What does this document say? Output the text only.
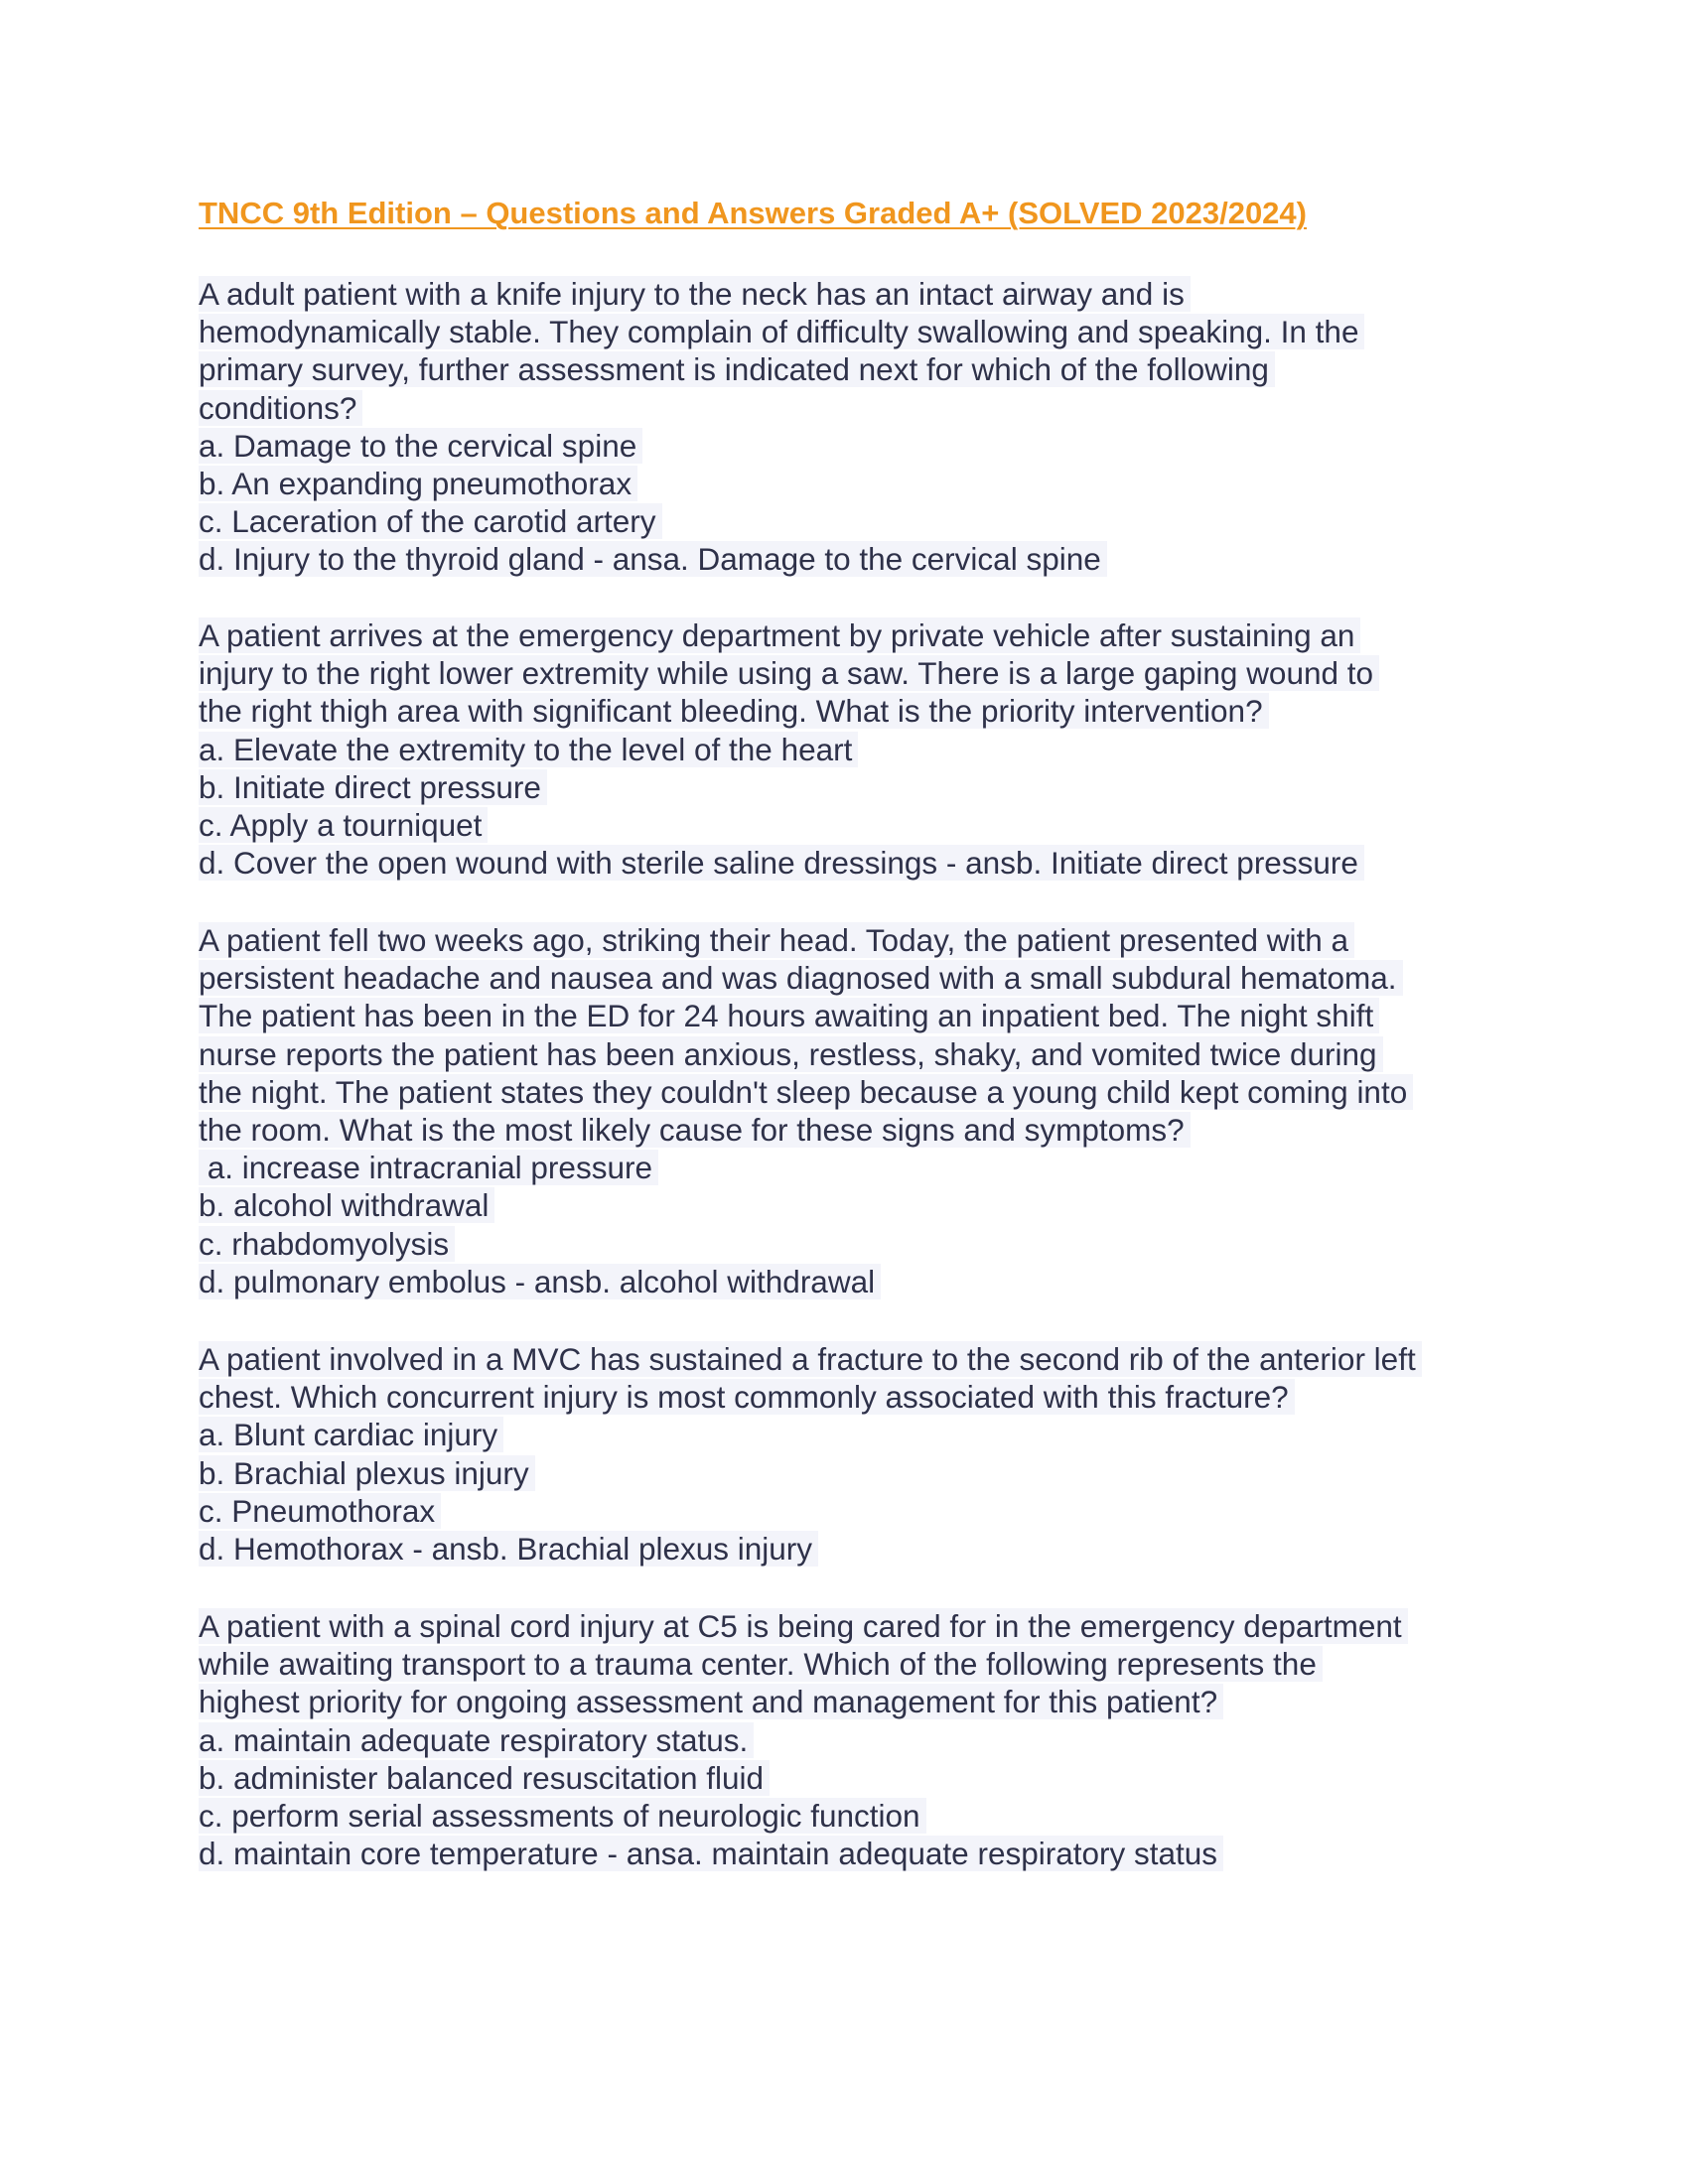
TNCC 9th Edition – Questions and Answers Graded A+ (SOLVED 2023/2024)
A adult patient with a knife injury to the neck has an intact airway and is
hemodynamically stable. They complain of difficulty swallowing and speaking. In the
primary survey, further assessment is indicated next for which of the following
conditions?
a. Damage to the cervical spine
b. An expanding pneumothorax
c. Laceration of the carotid artery
d. Injury to the thyroid gland - ansa. Damage to the cervical spine
A patient arrives at the emergency department by private vehicle after sustaining an
injury to the right lower extremity while using a saw. There is a large gaping wound to
the right thigh area with significant bleeding. What is the priority intervention?
a. Elevate the extremity to the level of the heart
b. Initiate direct pressure
c. Apply a tourniquet
d. Cover the open wound with sterile saline dressings - ansb. Initiate direct pressure
A patient fell two weeks ago, striking their head. Today, the patient presented with a
persistent headache and nausea and was diagnosed with a small subdural hematoma.
The patient has been in the ED for 24 hours awaiting an inpatient bed. The night shift
nurse reports the patient has been anxious, restless, shaky, and vomited twice during
the night. The patient states they couldn't sleep because a young child kept coming into
the room. What is the most likely cause for these signs and symptoms?
a. increase intracranial pressure
b. alcohol withdrawal
c. rhabdomyolysis
d. pulmonary embolus - ansb. alcohol withdrawal
A patient involved in a MVC has sustained a fracture to the second rib of the anterior left
chest. Which concurrent injury is most commonly associated with this fracture?
a. Blunt cardiac injury
b. Brachial plexus injury
c. Pneumothorax
d. Hemothorax - ansb. Brachial plexus injury
A patient with a spinal cord injury at C5 is being cared for in the emergency department
while awaiting transport to a trauma center. Which of the following represents the
highest priority for ongoing assessment and management for this patient?
a. maintain adequate respiratory status.
b. administer balanced resuscitation fluid
c. perform serial assessments of neurologic function
d. maintain core temperature - ansa. maintain adequate respiratory status
